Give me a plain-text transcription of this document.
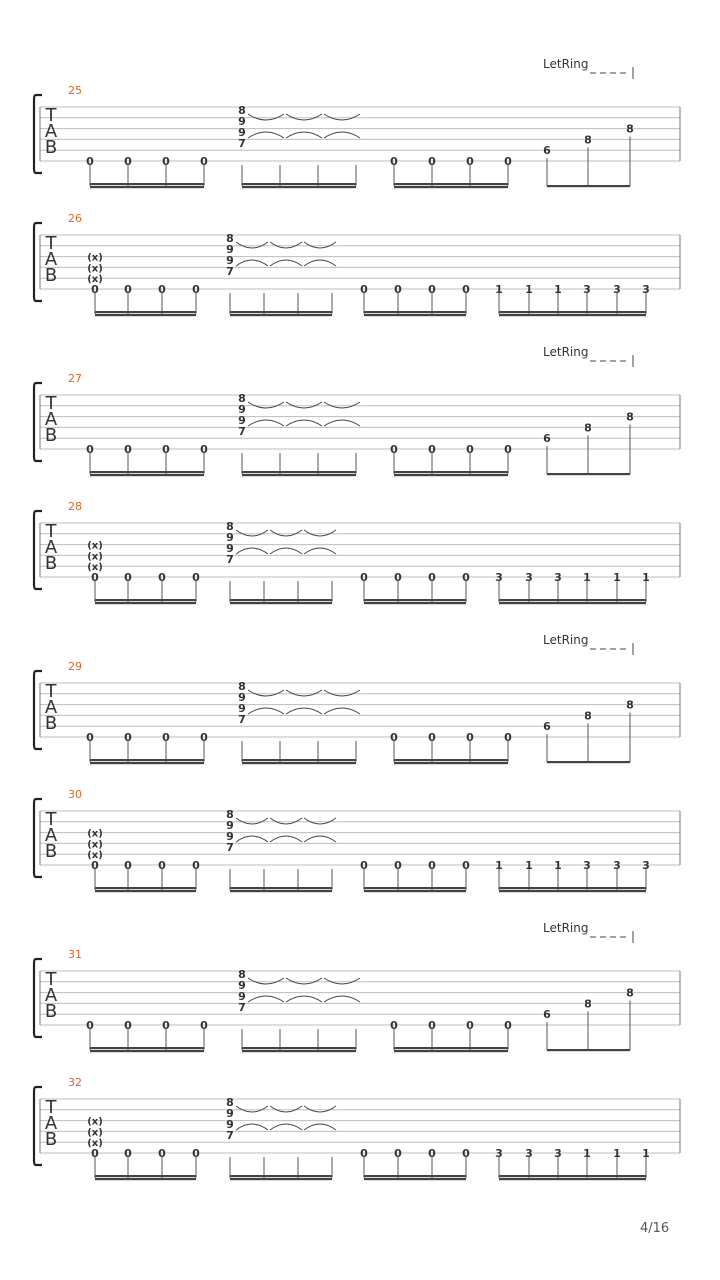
T
A
B
25
LetRing
0	0	0	0
8
9
9
7
0	0	0	0
6
8
8
T
A
B
26
(x)
(x)
(x)
0 0 0 0
8
9
9
7
0 0 0 0 1 1 1 3 3 3
T
A
B
27
LetRing
0	0	0	0
8
9
9
7
0	0	0	0
6
8
8
T
A
B
28
(x)
(x)
(x)
0 0 0 0
8
9
9
7
0 0 0 0 3 3 3 1 1 1
T
A
B
29
LetRing
0	0	0	0
8
9
9
7
0	0	0	0
6
8
8
T
A
B
30
(x)
(x)
(x)
0 0 0 0
8
9
9
7
0 0 0 0 1 1 1 3 3 3
T
A
B
31
LetRing
0	0	0	0
8
9
9
7
0	0	0	0
6
8
8
T
A
B
32
(x)
(x)
(x)
0 0 0 0
8
9
9
7
0 0 0 0 3 3 3 1 1 1
4/16
